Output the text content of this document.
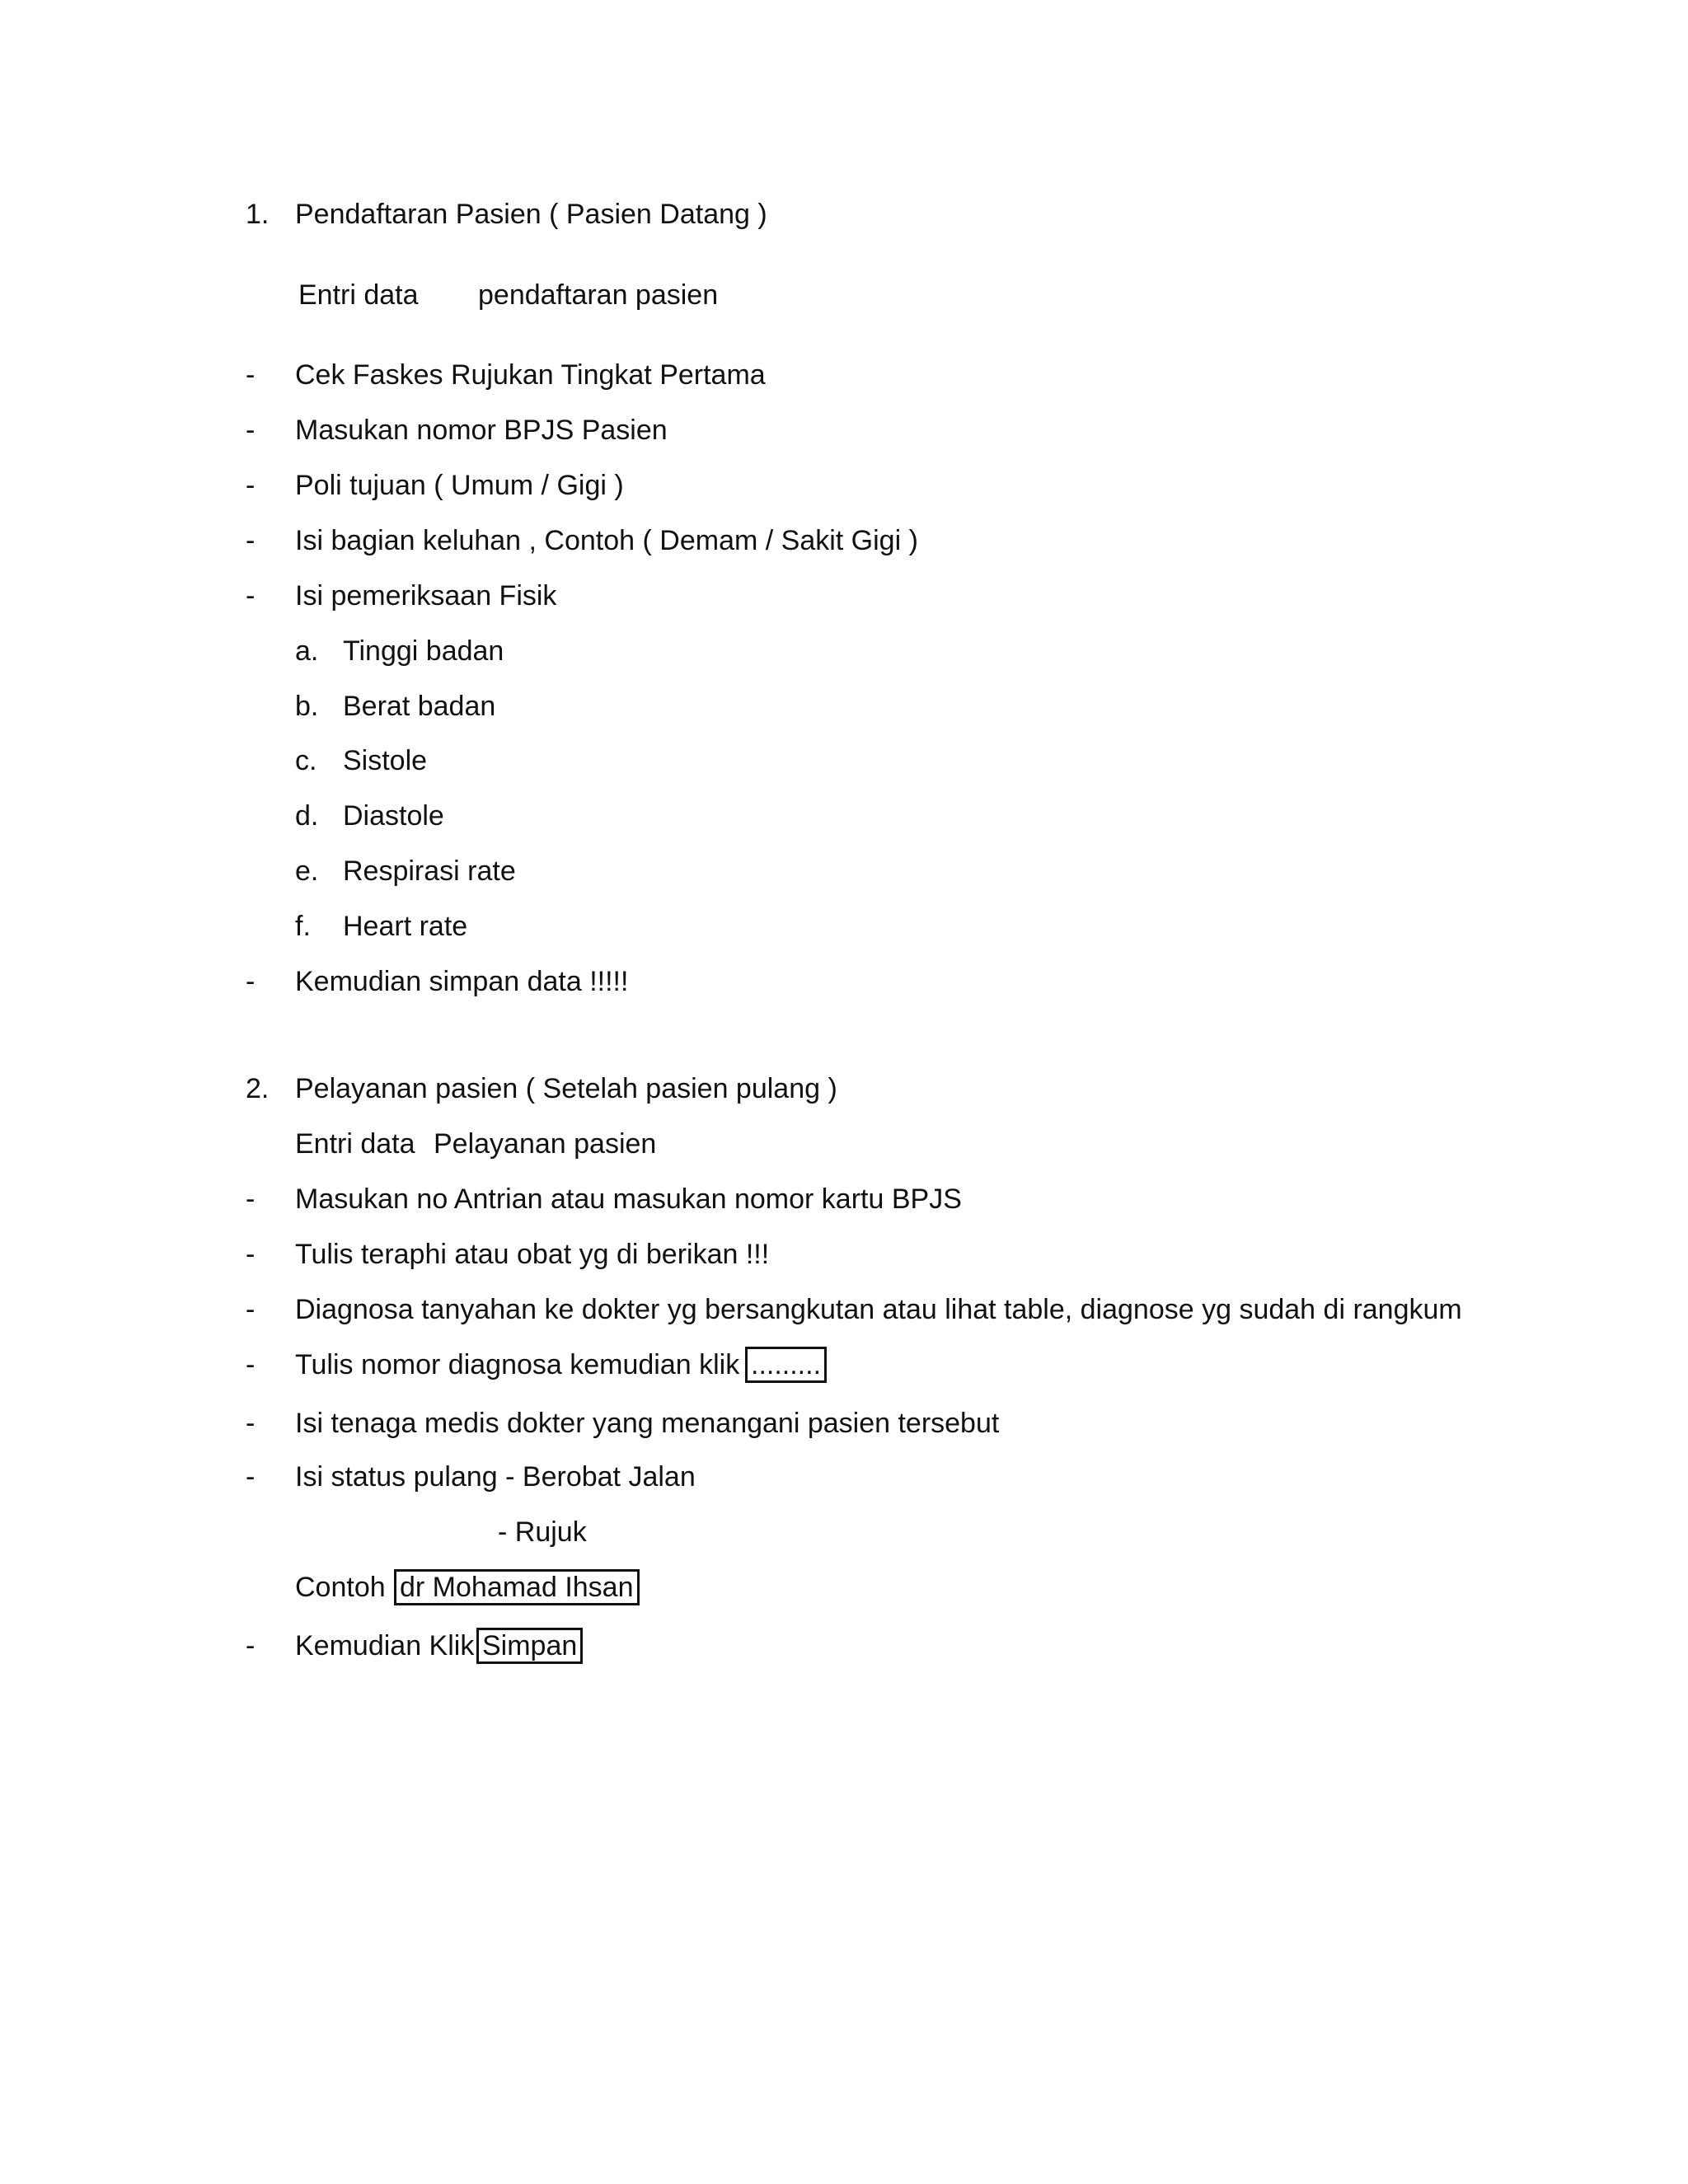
1. Pendaftaran Pasien ( Pasien Datang )
Entri data pendaftaran pasien
- Cek Faskes Rujukan Tingkat Pertama
- Masukan nomor BPJS Pasien
- Poli tujuan ( Umum / Gigi )
- Isi bagian keluhan , Contoh ( Demam / Sakit Gigi )
- Isi pemeriksaan Fisik
a. Tinggi badan
b. Berat badan
c. Sistole
d. Diastole
e. Respirasi rate
f. Heart rate
- Kemudian simpan data !!!!!
2. Pelayanan pasien ( Setelah pasien pulang )
Entri data Pelayanan pasien
- Masukan no Antrian atau masukan nomor kartu BPJS
- Tulis teraphi atau obat yg di berikan !!!
- Diagnosa tanyahan ke dokter yg bersangkutan atau lihat table, diagnose yg sudah di rangkum
- Tulis nomor diagnosa kemudian klik .........
- Isi tenaga medis dokter yang menangani pasien tersebut
- Isi status pulang - Berobat Jalan
- Rujuk
Contoh dr Mohamad Ihsan
- Kemudian Klik Simpan
